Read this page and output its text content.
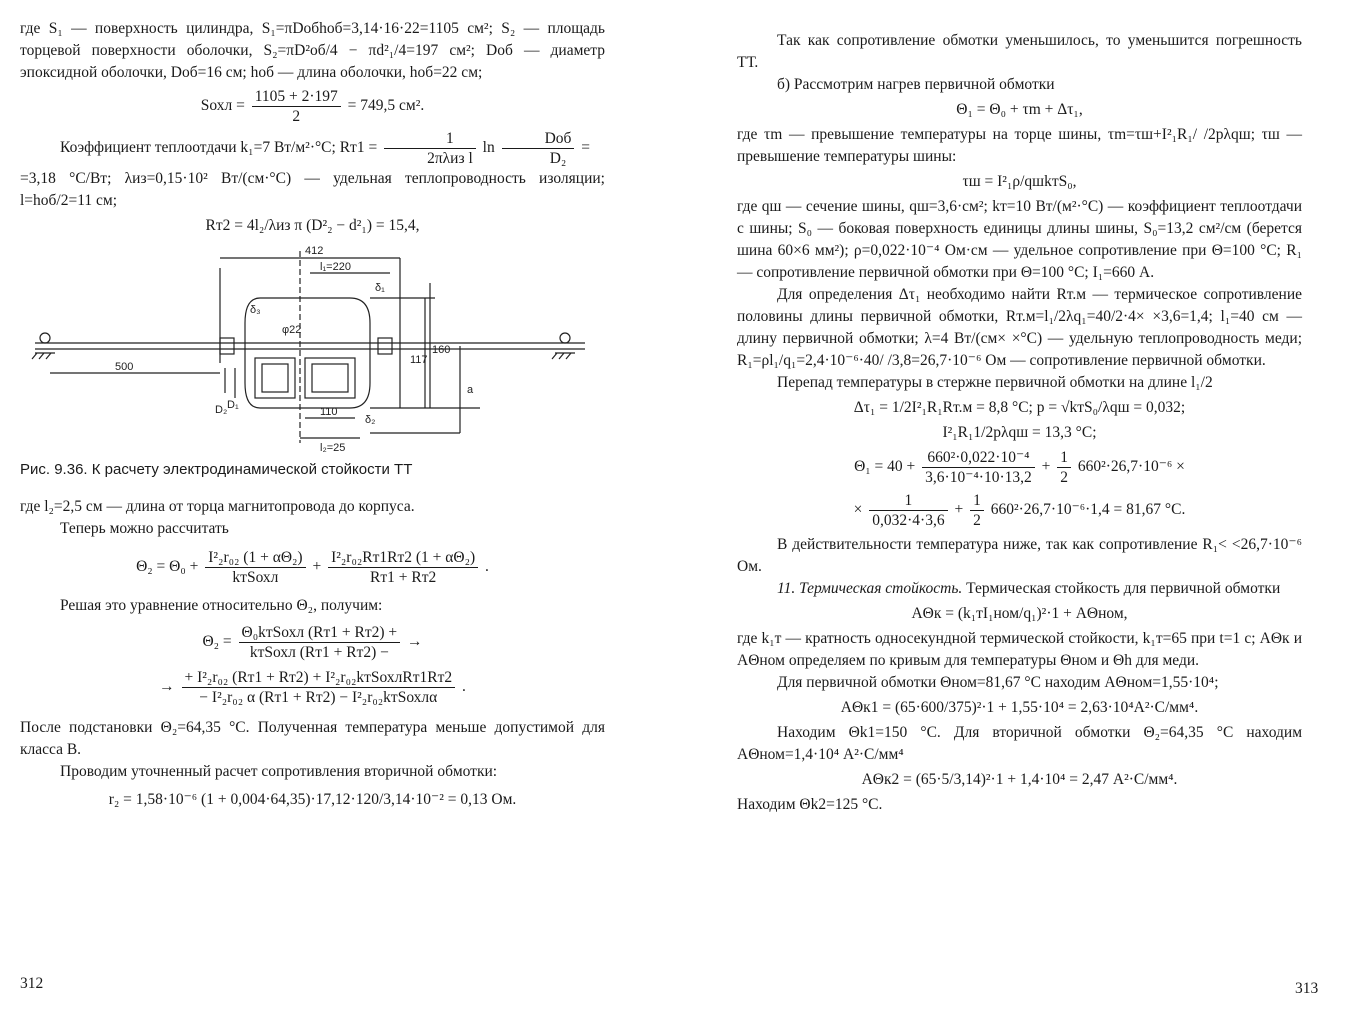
где S₁ — поверхность цилиндра, S₁=πDобhоб=3,14·16·22=1105 см²; S₂ — площадь торцевой поверхности оболочки, S₂=πD²об/4 − πd²₁/4=197 см²; Dоб — диаметр эпоксидной оболочки, Dоб=16 см; hоб — длина оболочки, hоб=22 см;

Sохл = $\frac{1105 + 2\cdot 197}{2} = 749,5$ см².

Коэффициент теплоотдачи k₁=7 Вт/м²·°С; $Rт1 = \frac{1}{\text{2πλиз l}}$ $\ln \frac{\text{Dоб}}{\text{D₂}}$ =

=3,18 °С/Вт; λиз=0,15·10² Вт/(см·°С) — удельная теплопроводность изоляции; l=hоб/2=11 см;

Rт2 = 4l₂/λиз π (D²₂ − d²₁) = 15,4,
412
l₁=220
φ22
δ₃
δ₁
117
160
a
500
D₂ D₁
δ₂
110
l₂=25
Рис. 9.36. К расчету электродинамической стойкости ТТ

где l₂=2,5 см — длина от торца магнитопровода до корпуса.

Теперь можно рассчитать

$\Theta_2 = \Theta_0 + \frac{\text{I²₂r₀₂ (1 + αΘ₂)}}{\text{kтSохл}} + \frac{\text{I²₂r₀₂Rт1Rт2 (1 + αΘ₂)}}{Rт1 + Rт2}$ .

Решая это уравнение относительно Θ₂, получим:

$\Theta_2 = \frac{\text{Θ₀kтSохл (Rт1 + Rт2) +}}{\text{kтSохл (Rт1 + Rт2) −}}$ →
→ $\frac{\text{+ I²₂r₀₂ (Rт1 + Rт2) + I²₂r₀₂kтSохлRт1Rт2}}{\text{− I²₂r₀₂ α (Rт1 + Rт2) − I²₂r₀₂kтSохлα}}$ .

После подстановки Θ₂=64,35 °С. Полученная температура меньше допустимой для класса В.

Проводим уточненный расчет сопротивления вторичной обмотки:

r₂ = 1,58·10⁻⁶ (1 + 0,004·64,35)·17,12·120/3,14·10⁻² = 0,13 Ом.
312

Так как сопротивление обмотки уменьшилось, то уменьшится погрешность ТТ.

б) Рассмотрим нагрев первичной обмотки

Θ₁ = Θ₀ + τm + Δτ₁,

где τm — превышение температуры на торце шины, τm=τш+I²₁R₁/ /2pλqш; τш — превышение температуры шины:

τш = I²₁ρ/qшkтS₀,

где qш — сечение шины, qш=3,6·см²; kт=10 Вт/(м²·°С) — коэффициент теплоотдачи с шины; S₀ — боковая поверхность единицы длины шины, S₀=13,2 см²/см (берется шина 60×6 мм²); ρ=0,022·10⁻⁴ Ом·см — удельное сопротивление при Θ=100 °С; R₁ — сопротивление первичной обмотки при Θ=100 °С; I₁=660 А.

Для определения Δτ₁ необходимо найти Rт.м — термическое сопротивление половины длины первичной обмотки, Rт.м=l₁/2λq₁=40/2·4× ×3,6=1,4; l₁=40 см — длину первичной обмотки; λ=4 Вт/(см× ×°С) — удельную теплопроводность меди; R₁=ρl₁/q₁=2,4·10⁻⁶·40/ /3,8=26,7·10⁻⁶ Ом — сопротивление первичной обмотки.

Перепад температуры в стержне первичной обмотки на длине l₁/2

Δτ₁ = 1/2I²₁R₁Rт.м = 8,8 °С; p = √kтS₀/λqш = 0,032;
I²₁R₁1/2pλqш = 13,3 °С;
$\Theta_1 = 40 + \frac{\text{660²·0,022·10⁻⁴}}{\text{3,6·10⁻⁴·10·13,2}} + \frac{1}{2} 660^2\cdot 26,7\cdot 10^{-6}$ ×
× $\frac{1}{0,032\cdot 4\cdot 3,6} + \frac{1}{2} 660^2\cdot 26,7\cdot 10^{-6}\cdot 1,4 = 81,67$ °С.

В действительности температура ниже, так как сопротивление R₁< <26,7·10⁻⁶ Ом.

11. Термическая стойкость. Термическая стойкость для первичной обмотки

AΘк = (k₁тI₁ном/q₁)²·1 + AΘном,

где k₁т — кратность односекундной термической стойкости, k₁т=65 при t=1 с; AΘк и AΘном определяем по кривым для температуры Θном и Θh для меди.

Для первичной обмотки Θном=81,67 °С находим AΘном=1,55·10⁴;

AΘк1 = (65·600/375)²·1 + 1,55·10⁴ = 2,63·10⁴А²·С/мм⁴.

Находим Θk1=150 °С. Для вторичной обмотки Θ₂=64,35 °С находим AΘном=1,4·10⁴ А²·С/мм⁴

AΘк2 = (65·5/3,14)²·1 + 1,4·10⁴ = 2,47 А²·С/мм⁴.

Находим Θk2=125 °С.

313
